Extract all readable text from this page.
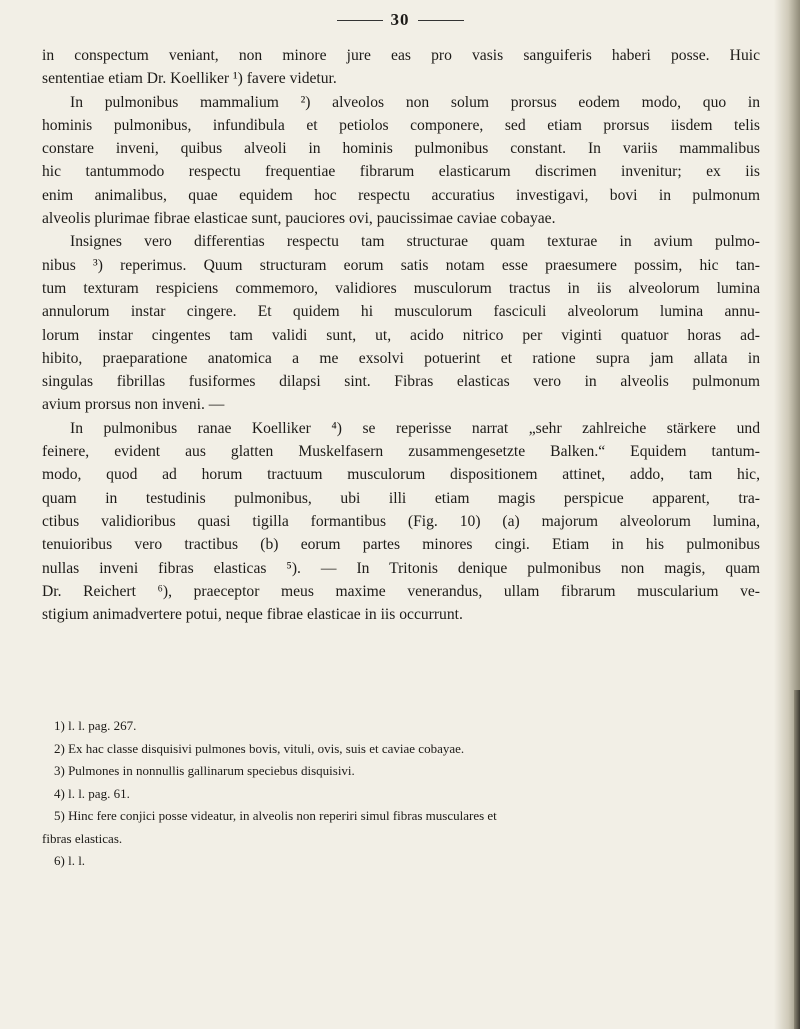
30
in conspectum veniant, non minore jure eas pro vasis sanguiferis haberi posse. Huic
sententiae etiam Dr. Koelliker ¹) favere videtur.
In pulmonibus mammalium ²) alveolos non solum prorsus eodem modo, quo in
hominis pulmonibus, infundibula et petiolos componere, sed etiam prorsus iisdem telis
constare inveni, quibus alveoli in hominis pulmonibus constant. In variis mammalibus
hic tantummodo respectu frequentiae fibrarum elasticarum discrimen invenitur; ex iis
enim animalibus, quae equidem hoc respectu accuratius investigavi, bovi in pulmonum
alveolis plurimae fibrae elasticae sunt, pauciores ovi, paucissimae caviae cobayae.
Insignes vero differentias respectu tam structurae quam texturae in avium pulmo-
nibus ³) reperimus. Quum structuram eorum satis notam esse praesumere possim, hic tan-
tum texturam respiciens commemoro, validiores musculorum tractus in iis alveolorum lumina
annulorum instar cingere. Et quidem hi musculorum fasciculi alveolorum lumina annu-
lorum instar cingentes tam validi sunt, ut, acido nitrico per viginti quatuor horas ad-
hibito, praeparatione anatomica a me exsolvi potuerint et ratione supra jam allata in
singulas fibrillas fusiformes dilapsi sint. Fibras elasticas vero in alveolis pulmonum
avium prorsus non inveni. —
In pulmonibus ranae Koelliker ⁴) se reperisse narrat „sehr zahlreiche stärkere und
feinere, evident aus glatten Muskelfasern zusammengesetzte Balken.“ Equidem tantum-
modo, quod ad horum tractuum musculorum dispositionem attinet, addo, tam hic,
quam in testudinis pulmonibus, ubi illi etiam magis perspicue apparent, tra-
ctibus validioribus quasi tigilla formantibus (Fig. 10) (a) majorum alveolorum lumina,
tenuioribus vero tractibus (b) eorum partes minores cingi. Etiam in his pulmonibus
nullas inveni fibras elasticas ⁵). — In Tritonis denique pulmonibus non magis, quam
Dr. Reichert ⁶), praeceptor meus maxime venerandus, ullam fibrarum muscularium ve-
stigium animadvertere potui, neque fibrae elasticae in iis occurrunt.
1) l. l. pag. 267.
2) Ex hac classe disquisivi pulmones bovis, vituli, ovis, suis et caviae cobayae.
3) Pulmones in nonnullis gallinarum speciebus disquisivi.
4) l. l. pag. 61.
5) Hinc fere conjici posse videatur, in alveolis non reperiri simul fibras musculares et
fibras elasticas.
6) l. l.
